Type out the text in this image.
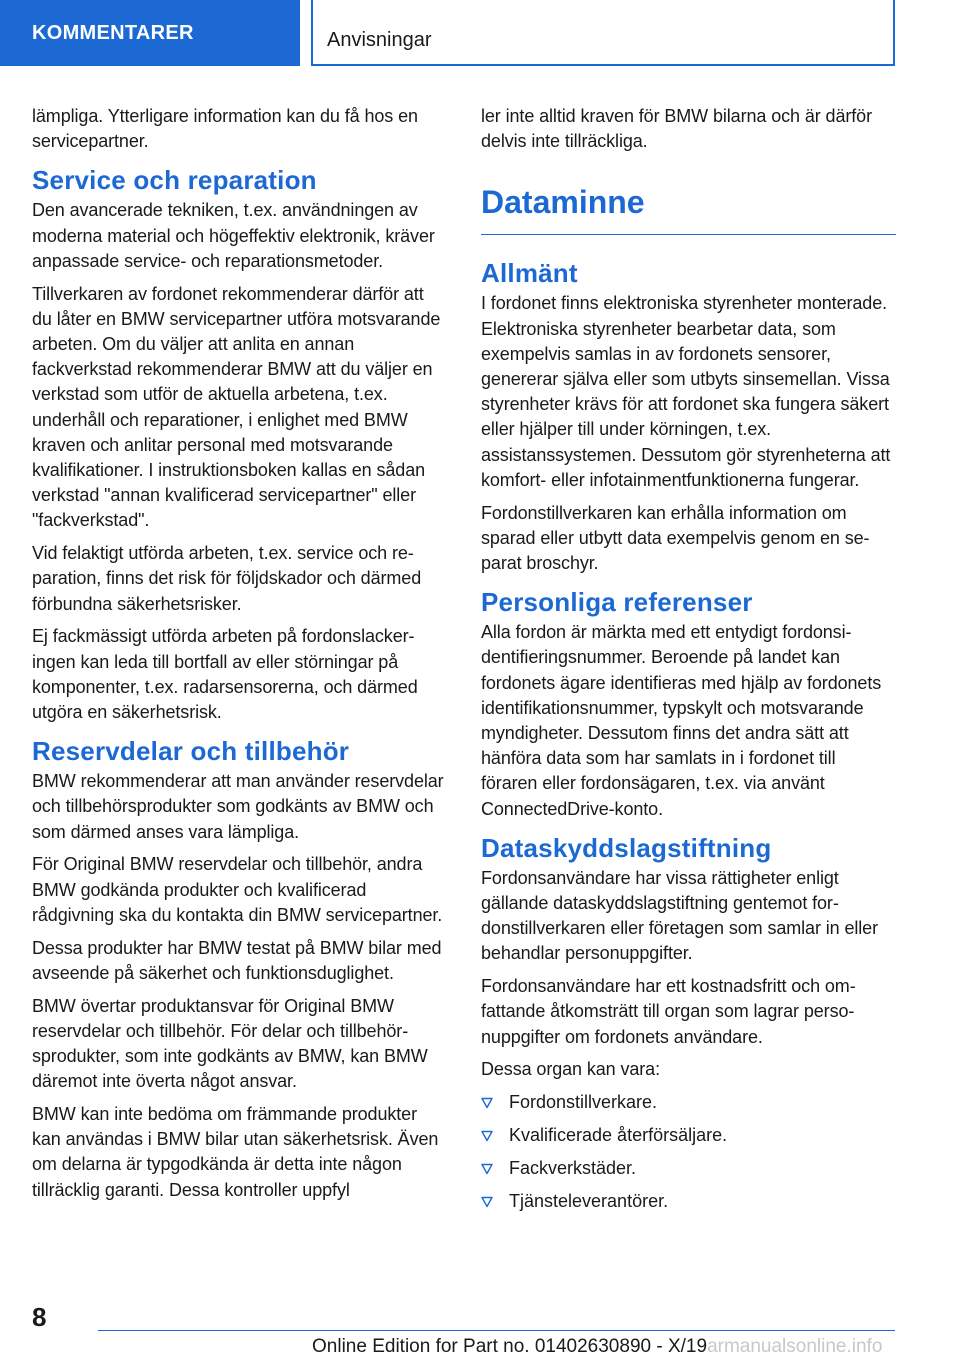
KOMMENTARER	Anvisningar

lämpliga. Ytterligare information kan du få hos en servicepartner.

Service och reparation

Den avancerade tekniken, t.ex. användningen av moderna material och högeffektiv elektronik, kräver anpassade service- och reparationsmetoder.

Tillverkaren av fordonet rekommenderar därför att du låter en BMW servicepartner utföra motsvarande arbeten. Om du väljer att anlita en annan fackverkstad rekommenderar BMW att du väljer en verkstad som utför de aktuella arbetena, t.ex. underhåll och reparationer, i enlighet med BMW kraven och anlitar personal med motsvarande kvalifikationer. I instruktionsboken kallas en sådan verkstad "annan kvalificerad servicepartner" eller "fackverkstad".

Vid felaktigt utförda arbeten, t.ex. service och reparation, finns det risk för följdskador och därmed förbundna säkerhetsrisker.

Ej fackmässigt utförda arbeten på fordonslackeringen kan leda till bortfall av eller störningar på komponenter, t.ex. radarsensorerna, och därmed utgöra en säkerhetsrisk.

Reservdelar och tillbehör

BMW rekommenderar att man använder reservdelar och tillbehörsprodukter som godkänts av BMW och som därmed anses vara lämpliga.

För Original BMW reservdelar och tillbehör, andra BMW godkända produkter och kvalificerad rådgivning ska du kontakta din BMW servicepartner.

Dessa produkter har BMW testat på BMW bilar med avseende på säkerhet och funktionsduglighet.

BMW övertar produktansvar för Original BMW reservdelar och tillbehör. För delar och tillbehörsprodukter, som inte godkänts av BMW, kan BMW däremot inte överta något ansvar.

BMW kan inte bedöma om främmande produkter kan användas i BMW bilar utan säkerhetsrisk. Även om delarna är typgodkända är detta inte någon tillräcklig garanti. Dessa kontroller uppfyl

ler inte alltid kraven för BMW bilarna och är därför delvis inte tillräckliga.

Dataminne
Allmänt

I fordonet finns elektroniska styrenheter monterade. Elektroniska styrenheter bearbetar data, som exempelvis samlas in av fordonets sensorer, genererar själva eller som utbyts sinsemellan. Vissa styrenheter krävs för att fordonet ska fungera säkert eller hjälper till under körningen, t.ex. assistanssystemen. Dessutom gör styrenheterna att komfort- eller infotainmentfunktionerna fungerar.

Fordonstillverkaren kan erhålla information om sparad eller utbytt data exempelvis genom en separat broschyr.

Personliga referenser

Alla fordon är märkta med ett entydigt fordonsidentifieringsnummer. Beroende på landet kan fordonets ägare identifieras med hjälp av fordonets identifikationsnummer, typskylt och motsvarande myndigheter. Dessutom finns det andra sätt att hänföra data som har samlats in i fordonet till föraren eller fordonsägaren, t.ex. via använt ConnectedDrive-konto.

Dataskyddslagstiftning

Fordonsanvändare har vissa rättigheter enligt gällande dataskyddslagstiftning gentemot fordonstillverkaren eller företagen som samlar in eller behandlar personuppgifter.

Fordonsanvändare har ett kostnadsfritt och omfattande åtkomsträtt till organ som lagrar personuppgifter om fordonets användare.

Dessa organ kan vara:

Fordonstillverkare.
Kvalificerade återförsäljare.
Fackverkstäder.
Tjänsteleverantörer.
8
Online Edition for Part no. 01402630890 - X/19armanualsonline.info
